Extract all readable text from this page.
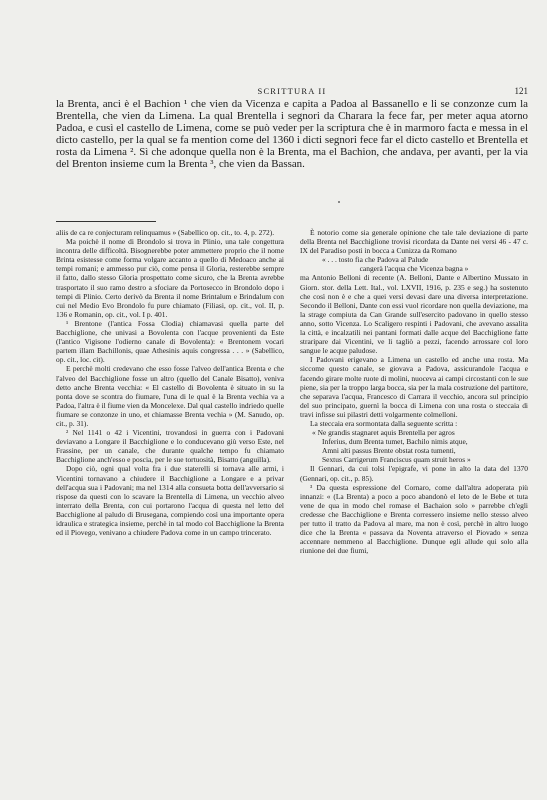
SCRITTURA II	121

la Brenta, anci è el Bachion ¹ che vien da Vicenza e capita a Padoa al Bassanello e li se conzonze cum la Brentella, che vien da Limena. La qual Brentella i segnori da Charara la fece far, per meter aqua atorno Padoa, e cusì el castello de Limena, come se può veder per la scriptura che è in marmoro facta e messa in el dicto castello, per la qual se fa mention come del 1360 i dicti segnori fece far el dicto castello et Brentella et rosta da Limena ². Sì che adonque quella non è la Brenta, ma el Bachion, che andava, per avanti, per la via del Brenton insieme cum la Brenta ³, che vien da Bassan.

aliis de ca re conjecturam relinquamus » (Sabellico op. cit., to. 4, p. 272).

Ma poichè il nome di Brondolo si trova in Plinio, una tale congettura incontra delle difficoltà. Bisognerebbe poter ammettere proprio che il nome Brinta esistesse come forma volgare accanto a quello di Medoaco anche ai tempi romani; e ammesso pur ciò, come pensa il Gloria, resterebbe sempre il fatto, dallo stesso Gloria prospettato come sicuro, che la Brenta avrebbe trasportato il suo ramo destro a sfociare da Portosecco in Brondolo dopo i tempi di Plinio. Certo derivò da Brenta il nome Brintalum e Brindalum con cui nel Medio Evo Brondolo fu pure chiamato (Filiasi, op. cit., vol. II, p. 136 e Romanin, op. cit., vol. I p. 401.

¹ Brentone (l'antica Fossa Clodia) chiamavasi quella parte del Bacchiglione, che univasi a Bovolenta con l'acque provenienti da Este (l'antico Vigisone l'odierno canale di Bovolenta): « Brentonem vocari partem illam Bachillonis, quae Athesinis aquis congressa . . . » (Sabellico, op. cit., loc. cit).

E perchè molti credevano che esso fosse l'alveo dell'antica Brenta e che l'alveo del Bacchiglione fosse un altro (quello del Canale Bisatto), veniva detto anche Brenta vecchia: « El castello di Bovolenta è situato in su la ponta dove se scontra do fiumare, l'una di le qual è la Brenta vechia va a Padoa, l'altra è il fiume vien da Moncelexe. Dal qual castello indriedo quelle fiumare se conzonze in uno, et chiamasse Brenta vechia » (M. Sanudo, op. cit., p. 31).

² Nel 1141 o 42 i Vicentini, trovandosi in guerra con i Padovani deviavano a Longare il Bacchiglione e lo conducevano giù verso Este, nel Frassine, per un canale, che durante qualche tempo fu chiamato Bacchiglione anch'esso e poscia, per le sue tortuosità, Bisatto (anguilla).

Dopo ciò, ogni qual volta fra i due staterelli si tornava alle armi, i Vicentini tornavano a chiudere il Bacchiglione a Longare e a privar dell'acqua sua i Padovani; ma nel 1314 alla consueta botta dell'avversario si rispose da questi con lo scavare la Brentella di Limena, un vecchio alveo interrato della Brenta, con cui portarono l'acqua di questa nel letto del Bacchiglione al paludo di Brusegana, compiendo così una importante opera idraulica e strategica insieme, perchè in tal modo col Bacchiglione la Brenta ed il Piovego, venivano a chiudere Padova come in un campo trincerato.

È notorio come sia generale opinione che tale tale deviazione di parte della Brenta nel Bacchiglione trovisi ricordata da Dante nei versi 46 - 47 c. IX del Paradiso posti in bocca a Cunizza da Romano

« . . . tosto fia che Padova al Palude

cangerà l'acqua che Vicenza bagna »

ma Antonio Belloni di recente (A. Belloni, Dante e Albertino Mussato in Giorn. stor. della Lett. Ital., vol. LXVII, 1916, p. 235 e seg.) ha sostenuto che così non è e che a quei versi devasi dare una diversa interpretazione. Secondo il Belloni, Dante con essi vuol ricordare non quella deviazione, ma la strage compiuta da Can Grande sull'esercito padovano in quello stesso anno, sotto Vicenza. Lo Scaligero respinti i Padovani, che avevano assalita la città, e incalzatili nei pantani formati dalle acque del Bacchiglione fatte straripare dai Vicentini, ve li tagliò a pezzi, facendo arrossare col loro sangue le acque paludose.

I Padovani erigevano a Limena un castello ed anche una rosta. Ma siccome questo canale, se giovava a Padova, assicurandole l'acqua e facendo girare molte ruote di molini, nuoceva ai campi circostanti con le sue piene, sia per la troppo larga bocca, sia per la mala costruzione del partitore, che separava l'acqua, Francesco di Carrara il vecchio, ancora sul principio del suo principato, guernì la bocca di Limena con una rosta o steccaia di travi infisse sui pilastri detti volgarmente colmelloni.

La steccaia era sormontata dalla seguente scritta :

« Ne grandis stagnaret aquis Brentella per agros

Inferius, dum Brenta tumet, Bachilo nimis atque,

Amni alti passus Brente obstat rosta tumenti,

Sextus Carrigerum Franciscus quam struit heros »

Il Gennari, da cui tolsi l'epigrafe, vi pone in alto la data del 1370 (Gennari, op. cit., p. 85).

³ Da questa espressione del Cornaro, come dall'altra adoperata più innanzi: « (La Brenta) a poco a poco abandonò el leto de le Bebe et tuta vene de qua in modo chel romase el Bachaion solo » parrebbe ch'egli credesse che Bacchiglione e Brenta corressero insieme nello stesso alveo per tutto il tratto da Padova al mare, ma non è così, perchè in altro luogo dice che la Brenta « passava da Noventa atraverso el Piovado » senza accennare nemmeno al Bacchiglione. Dunque egli allude qui solo alla riunione dei due fiumi,
